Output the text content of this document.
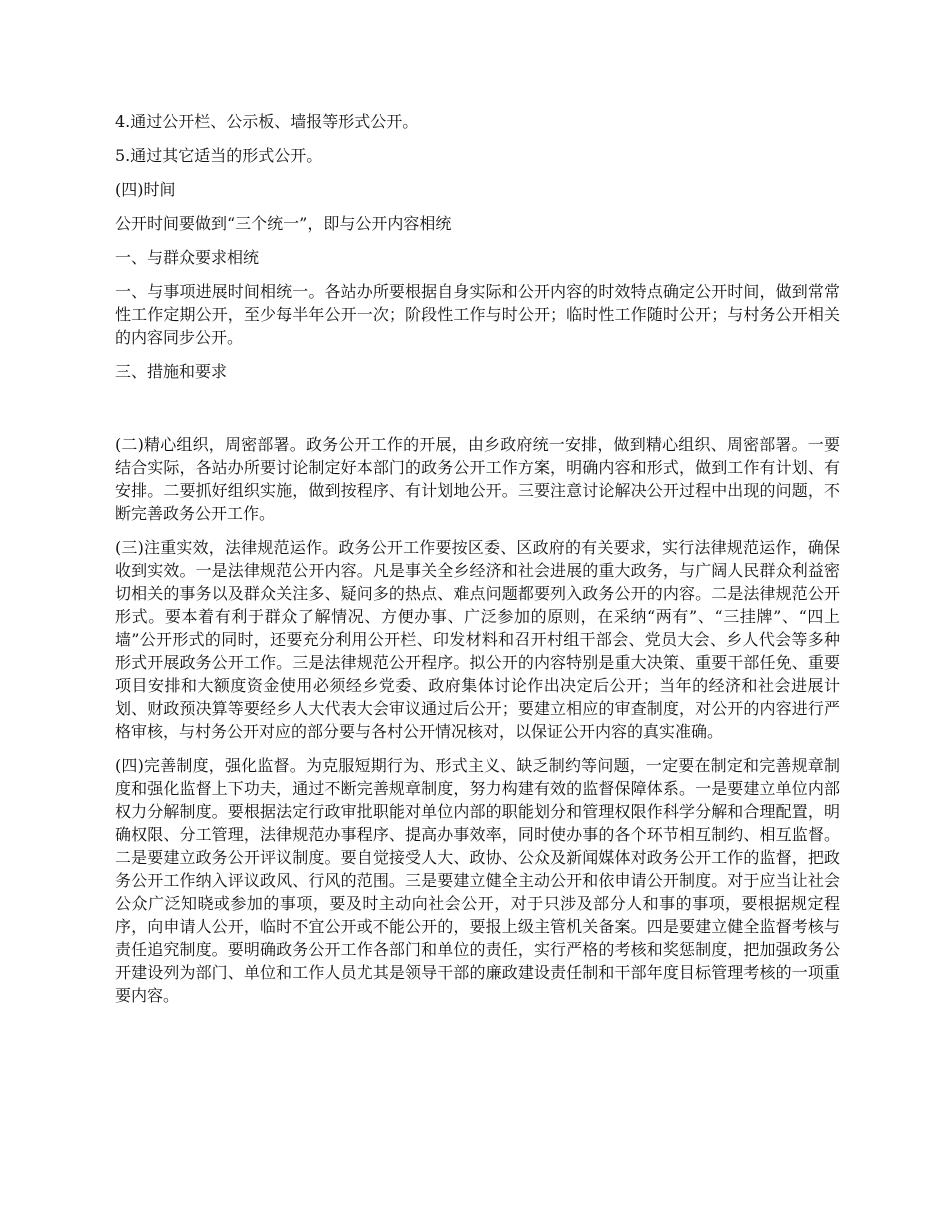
4.通过公开栏、公示板、墙报等形式公开。

5.通过其它适当的形式公开。

(四)时间

公开时间要做到“三个统一”，即与公开内容相统

一、与群众要求相统

一、与事项进展时间相统一。各站办所要根据自身实际和公开内容的时效特点确定公开时间，做到常常性工作定期公开，至少每半年公开一次；阶段性工作与时公开；临时性工作随时公开；与村务公开相关的内容同步公开。

三、措施和要求

(二)精心组织，周密部署。政务公开工作的开展，由乡政府统一安排，做到精心组织、周密部署。一要结合实际，各站办所要讨论制定好本部门的政务公开工作方案，明确内容和形式，做到工作有计划、有安排。二要抓好组织实施，做到按程序、有计划地公开。三要注意讨论解决公开过程中出现的问题，不断完善政务公开工作。

(三)注重实效，法律规范运作。政务公开工作要按区委、区政府的有关要求，实行法律规范运作，确保收到实效。一是法律规范公开内容。凡是事关全乡经济和社会进展的重大政务，与广阔人民群众利益密切相关的事务以及群众关注多、疑问多的热点、难点问题都要列入政务公开的内容。二是法律规范公开形式。要本着有利于群众了解情况、方便办事、广泛参加的原则，在采纳“两有”、“三挂牌”、“四上墙”公开形式的同时，还要充分利用公开栏、印发材料和召开村组干部会、党员大会、乡人代会等多种形式开展政务公开工作。三是法律规范公开程序。拟公开的内容特别是重大决策、重要干部任免、重要项目安排和大额度资金使用必须经乡党委、政府集体讨论作出决定后公开；当年的经济和社会进展计划、财政预决算等要经乡人大代表大会审议通过后公开；要建立相应的审查制度，对公开的内容进行严格审核，与村务公开对应的部分要与各村公开情况核对，以保证公开内容的真实准确。

(四)完善制度，强化监督。为克服短期行为、形式主义、缺乏制约等问题，一定要在制定和完善规章制度和强化监督上下功夫，通过不断完善规章制度，努力构建有效的监督保障体系。一是要建立单位内部权力分解制度。要根据法定行政审批职能对单位内部的职能划分和管理权限作科学分解和合理配置，明确权限、分工管理，法律规范办事程序、提高办事效率，同时使办事的各个环节相互制约、相互监督。二是要建立政务公开评议制度。要自觉接受人大、政协、公众及新闻媒体对政务公开工作的监督，把政务公开工作纳入评议政风、行风的范围。三是要建立健全主动公开和依申请公开制度。对于应当让社会公众广泛知晓或参加的事项，要及时主动向社会公开，对于只涉及部分人和事的事项，要根据规定程序，向申请人公开，临时不宜公开或不能公开的，要报上级主管机关备案。四是要建立健全监督考核与责任追究制度。要明确政务公开工作各部门和单位的责任，实行严格的考核和奖惩制度，把加强政务公开建设列为部门、单位和工作人员尤其是领导干部的廉政建设责任制和干部年度目标管理考核的一项重要内容。
